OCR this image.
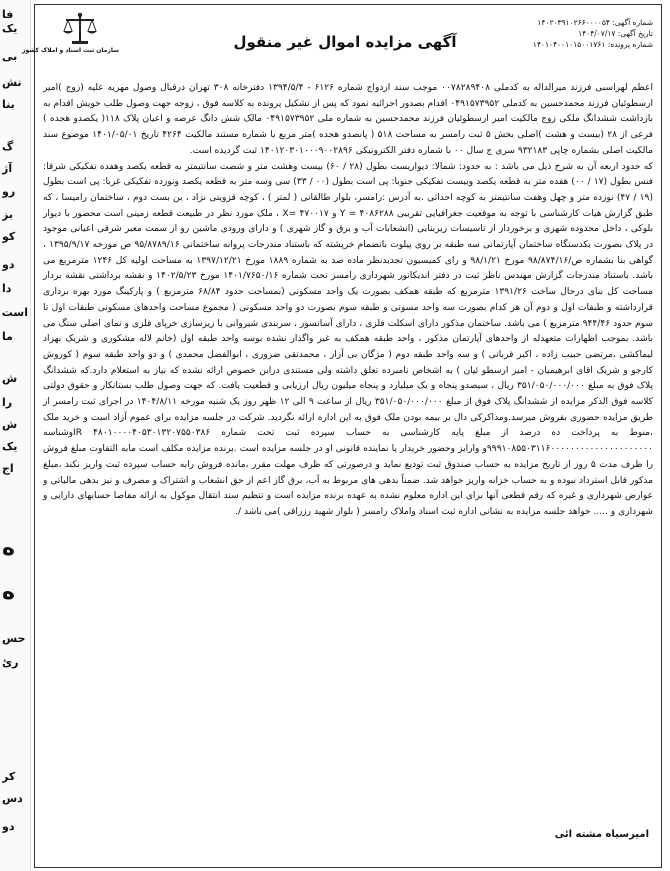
فا
یک
بی
نش
بنا
گ
آژ
رو
بز
کو
دو
دا
است
ما
ش
را
ش
یک
اج
ه
ه
حس
رئ
کر
دس
دو
سازمان ثبت اسناد و املاک کشور	آگهی مزایده اموال غیر منقول
شماره آگهی: ۱۴۰۲۰۳۹۱۰۲۶۶۰۰۰۰۵۴
تاریخ آگهی: ۱۴۰۴/۰۷/۱۷
شماره پرونده: ۱۴۰۱۰۴۰۰۱۰۱۵۰۰۱۷۶۱

اعظم لهراسبی فرزند میرالداله به کدملی ۰۰۷۸۲۸۹۴۰۸ موجب سند ازدواج شماره ۶۱۲۶ - ۱۳۹۴/۵/۴ دفترخانه ۳۰۸ تهران درقبال وصول مهریه علیه (زوج )امیر ارسطوئیان فرزند محمدحسین به کدملی ۰۴۹۱۵۷۳۹۵۲ اقدام بصدور اجرائیه نمود که پس از تشکیل پرونده به کلاسه فوق ، زوجه جهت وصول طلب خویش اقدام به بازداشت ششدانگ ملکی زوج مالکیت امیر ارسطوئیان فرزند محمدحسین به شماره ملی ۰۴۹۱۵۷۳۹۵۲ مالک شش دانگ عرصه و اعیان پلاک ۱۱۸( یکصدو هجده ) فرعی از ۲۸ (بیست و هشت )اصلی بخش ۵ ثبت رامسر به مساحت ۵۱۸ ( پانصدو هجده )متر مربع با شماره مستند مالکیت ۴۲۶۴ تاریخ ۱۴۰۱/۰۵/۰۱ موضوع سند مالکیت اصلی بشماره چاپی ۹۳۲۱۸۳ سری ج سال ۰۰ با شماره دفتر الکترونیکی ۱۴۰۱۲۰۳۰۱۰۰۰۹۰۰۲۸۹۶ ثبت گردیده است.

که حدود اربعه آن به شرح ذیل می باشد : به حدود: شمالا: دیواریست بطول (۲۸ / ۶۰) بیست وهشت متر و شصت سانتیمتر به قطعه یکصد وهفده تفکیکی شرقا: فنس بطول (۱۷ / ۰۰) هفده متر به قطعه یکصد وبیست تفکیکی جنوبا: پی است بطول (۰۰ / ۳۳) سی وسه متر به قطعه یکصد ونوزده تفکیکی غربا: پی است بطول (۱۹ / ۴۷) نوزده متر و چهل وهفت سانتیمتر به کوچه احداثی .به آدرس :رامسر، بلوار طالقانی ( لمتر ) ، کوچه قزوینی نژاد ، بن بست دوم ، ساختمان رامیسا ، که طبق گزارش هیات کارشناسی با توجه به موقعیت جغرافیایی تقریبی ۴۰۸۶۲۸۸ = Y و ۴۷۰۰۱۷ =X ، ملک مورد نظر در طبیعت قطعه زمینی است محصور با دیوار بلوکی ، داخل محدوده شهری و برخوردار از تاسیسات زیربنایی (انشعابات آب و برق و گاز شهری ) و دارای ورودی ماشین رو از سمت معبر شرقی اعیانی موجود در پلاک بصورت یکدستگاه ساختمان آپارتمانی سه طبقه بر روی پیلوت باتضمام خرپشته که باستناد مندرجات پروانه ساختمانی ۹۵/۸۷۸۹/۱۶ ص مورخه ۱۳۹۵/۹/۱۷ ، گواهی بنا بشماره ص/۹۸/۸۷۴/۱۶ مورخ ۹۸/۱/۲۱ و رای کمیسیون تجدیدنظر ماده صد به شماره ۱۸۸۹ مورخ ۱۳۹۷/۱۲/۲۱ به مساحت اولیه کل ۱۲۴۶ مترمربع می باشد. باستناد مندرجات گزارش مهندس ناظر ثبت در دفتر اندیکاتور شهرداری رامسر تحت شماره ۱۴۰۱/۷۶۵۰/۱۶ مورخ ۱۴۰۲/۵/۲۳ و نقشه برداشتی نقشه بردار مساحت کل بنای درحال ساخت ۱۳۹۱/۲۶ مترمربع که طبقه همکف بصورت یک واحد مسکونی (بمساحت حدود ۶۸/۸۴ مترمربع ) و پارکینگ مورد بهره برداری قرارداشته و طبقات اول و دوم آن هر کدام بصورت سه واحد مسونی و طبقه سوم بصورت دو واحد مسکونی ( مجموع مساحت واحدهای مسکونی طبقات اول تا سوم حدود ۹۴۴/۴۶ مترمربع ) می باشد. ساختمان مذکور دارای اسکلت فلزی ، دارای آسانسور ، سربندی شیروانی با زیرسازی خرپای فلزی و نمای اصلی سنگ می باشد. بموجب اظهارات متعهدله از واحدهای آپارتمان مذکور ، واحد طبقه همکف به غیر واگذار نشده بوسه واحد طبقه اول (خانم لاله مشکوری و شریک بهزاد لیماکشی ،مرتضی حبیب زاده ، اکبر قربانی ) و سه واحد طبقه دوم ( مژگان بی آزار ، محمدتقی ضروری ، ابوالفضل محمدی ) و دو واحد طبقه سوم ( کوروش کارجو و شریک اقای ابرهیمیان - امیر ارسطو ئیان ) به اشخاص نامبرده تعلق داشته ولی مستندی دراین خصوص ارائه نشده که نیاز به استعلام دارد.که ششدانگ پلاک فوق به مبلغ ۳۵۱/۰۵۰/۰۰۰/۰۰۰ ریال ، سیصدو پنجاه و یک میلیارد و پنجاه میلیون ریال ارزیابی و قطعیت یافت. که جهت وصول طلب بستانکار و حقوق دولتی کلاسه فوق الذکر مزایده از ششدانگ پلاک فوق از مبلغ ۳۵۱/۰۵۰/۰۰۰/۰۰۰ ریال از ساعت ۹ الی ۱۲ ظهر روز یک شنبه مورخه ۱۴۰۴/۸/۱۱ در اجرای ثبت رامسر از طریق مزایده حضوری بفروش میرسد.ومذاکرکی دال بر بیمه بودن ملک فوق به این اداره ارائه نگردید. شرکت در جلسه مزایده برای عموم آزاد است و خرید ملک ،منوط به پرداخت ده درصد از مبلغ پایه کارشناسی به حساب سپرده ثبت تحت شماره IR ۴۸۰۱۰۰۰۰۴۰۵۳۰۱۳۲۰۷۵۵۰۳۸۶وشناسه ۹۹۹۱۰۸۵۵۰۳۱۱۶۰۰۰۰۰۰۰۰۰۰۰۰۰۰۰۰۰۰۰۰۰و وارایز وحضور خریدار یا نماینده قانونی او در جلسه مزایده است .برنده مزایده مکلف است مابه التفاوت مبلغ فروش را ظرف مدت ۵ روز از تاریخ مزایده به حساب صندوق ثبت تودیع نماید و درصورتی که ظرف مهلت مقرر ،مانده فروش رابه حساب سپرده ثبت واریز نکند ،مبلغ مذکور قابل استرداد نبوده و به حساب خزانه واریز خواهد شد. ضمناً بدهی های مربوط به آب، برق گاز اعم از حق انشعاب و اشتراک و مصرف و نیز بدهی مالیاتی و عوارض شهرداری و غیره که رقم قطعی آنها برای این اداره معلوم نشده به عهده برنده مزایده است و تنظیم سند انتقال موکول به ارائه مفاصا حسابهای دارایی و شهرداری و ..... خواهد جلسه مزایده به نشانی اداره ثبت اسناد واملاک رامسر ( بلوار شهید رزراقی )می باشد /.

امیرسیاه مشته ائی
